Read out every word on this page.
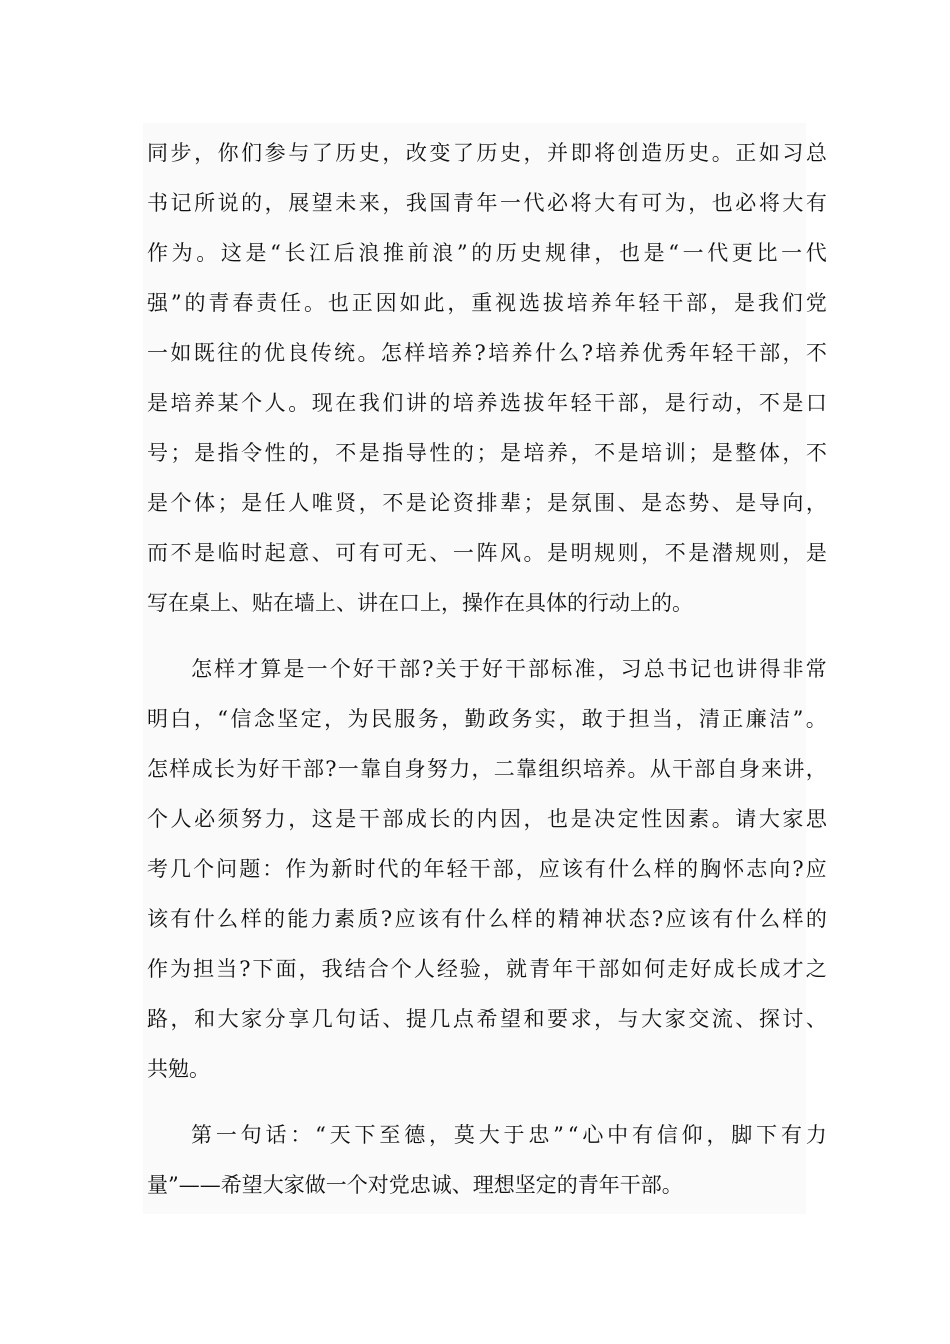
同 步 ， 你 们 参 与 了 历 史 ， 改 变 了 历 史 ， 并 即 将 创 造 历 史 。 正 如 习 总
书 记 所 说 的 ， 展 望 未 来 ， 我 国 青 年 一 代 必 将 大 有 可 为 ， 也 必 将 大 有
作 为 。 这 是 “ 长 江 后 浪 推 前 浪 ” 的 历 史 规 律 ， 也 是 “ 一 代 更 比 一 代
强 ” 的 青 春 责 任 。 也 正 因 如 此 ， 重 视 选 拔 培 养 年 轻 干 部 ， 是 我 们 党
一 如 既 往 的 优 良 传 统 。 怎 样 培 养 ? 培 养 什 么 ? 培 养 优 秀 年 轻 干 部 ， 不
是 培 养 某 个 人 。 现 在 我 们 讲 的 培 养 选 拔 年 轻 干 部 ， 是 行 动 ， 不 是 口
号 ； 是 指 令 性 的 ， 不 是 指 导 性 的 ； 是 培 养 ， 不 是 培 训 ； 是 整 体 ， 不
是 个 体 ； 是 任 人 唯 贤 ， 不 是 论 资 排 辈 ； 是 氛 围 、 是 态 势 、 是 导 向 ，
而 不 是 临 时 起 意 、 可 有 可 无 、 一 阵 风 。 是 明 规 则 ， 不 是 潜 规 则 ， 是
写在桌上、贴在墙上、讲在口上，操作在具体的行动上的。
怎 样 才 算 是 一 个 好 干 部 ? 关 于 好 干 部 标 准 ， 习 总 书 记 也 讲 得 非 常
明 白 ， “ 信 念 坚 定 ， 为 民 服 务 ， 勤 政 务 实 ， 敢 于 担 当 ， 清 正 廉 洁 ” 。
怎 样 成 长 为 好 干 部 ? 一 靠 自 身 努 力 ， 二 靠 组 织 培 养 。 从 干 部 自 身 来 讲 ，
个 人 必 须 努 力 ， 这 是 干 部 成 长 的 内 因 ， 也 是 决 定 性 因 素 。 请 大 家 思
考 几 个 问 题 ： 作 为 新 时 代 的 年 轻 干 部 ， 应 该 有 什 么 样 的 胸 怀 志 向 ? 应
该 有 什 么 样 的 能 力 素 质 ? 应 该 有 什 么 样 的 精 神 状 态 ? 应 该 有 什 么 样 的
作 为 担 当 ? 下 面 ， 我 结 合 个 人 经 验 ， 就 青 年 干 部 如 何 走 好 成 长 成 才 之
路 ， 和 大 家 分 享 几 句 话 、 提 几 点 希 望 和 要 求 ， 与 大 家 交 流 、 探 讨 、
共勉。
第 一 句 话 ： “ 天 下 至 德 ， 莫 大 于 忠 ” “ 心 中 有 信 仰 ， 脚 下 有 力
量”——希望大家做一个对党忠诚、理想坚定的青年干部。
